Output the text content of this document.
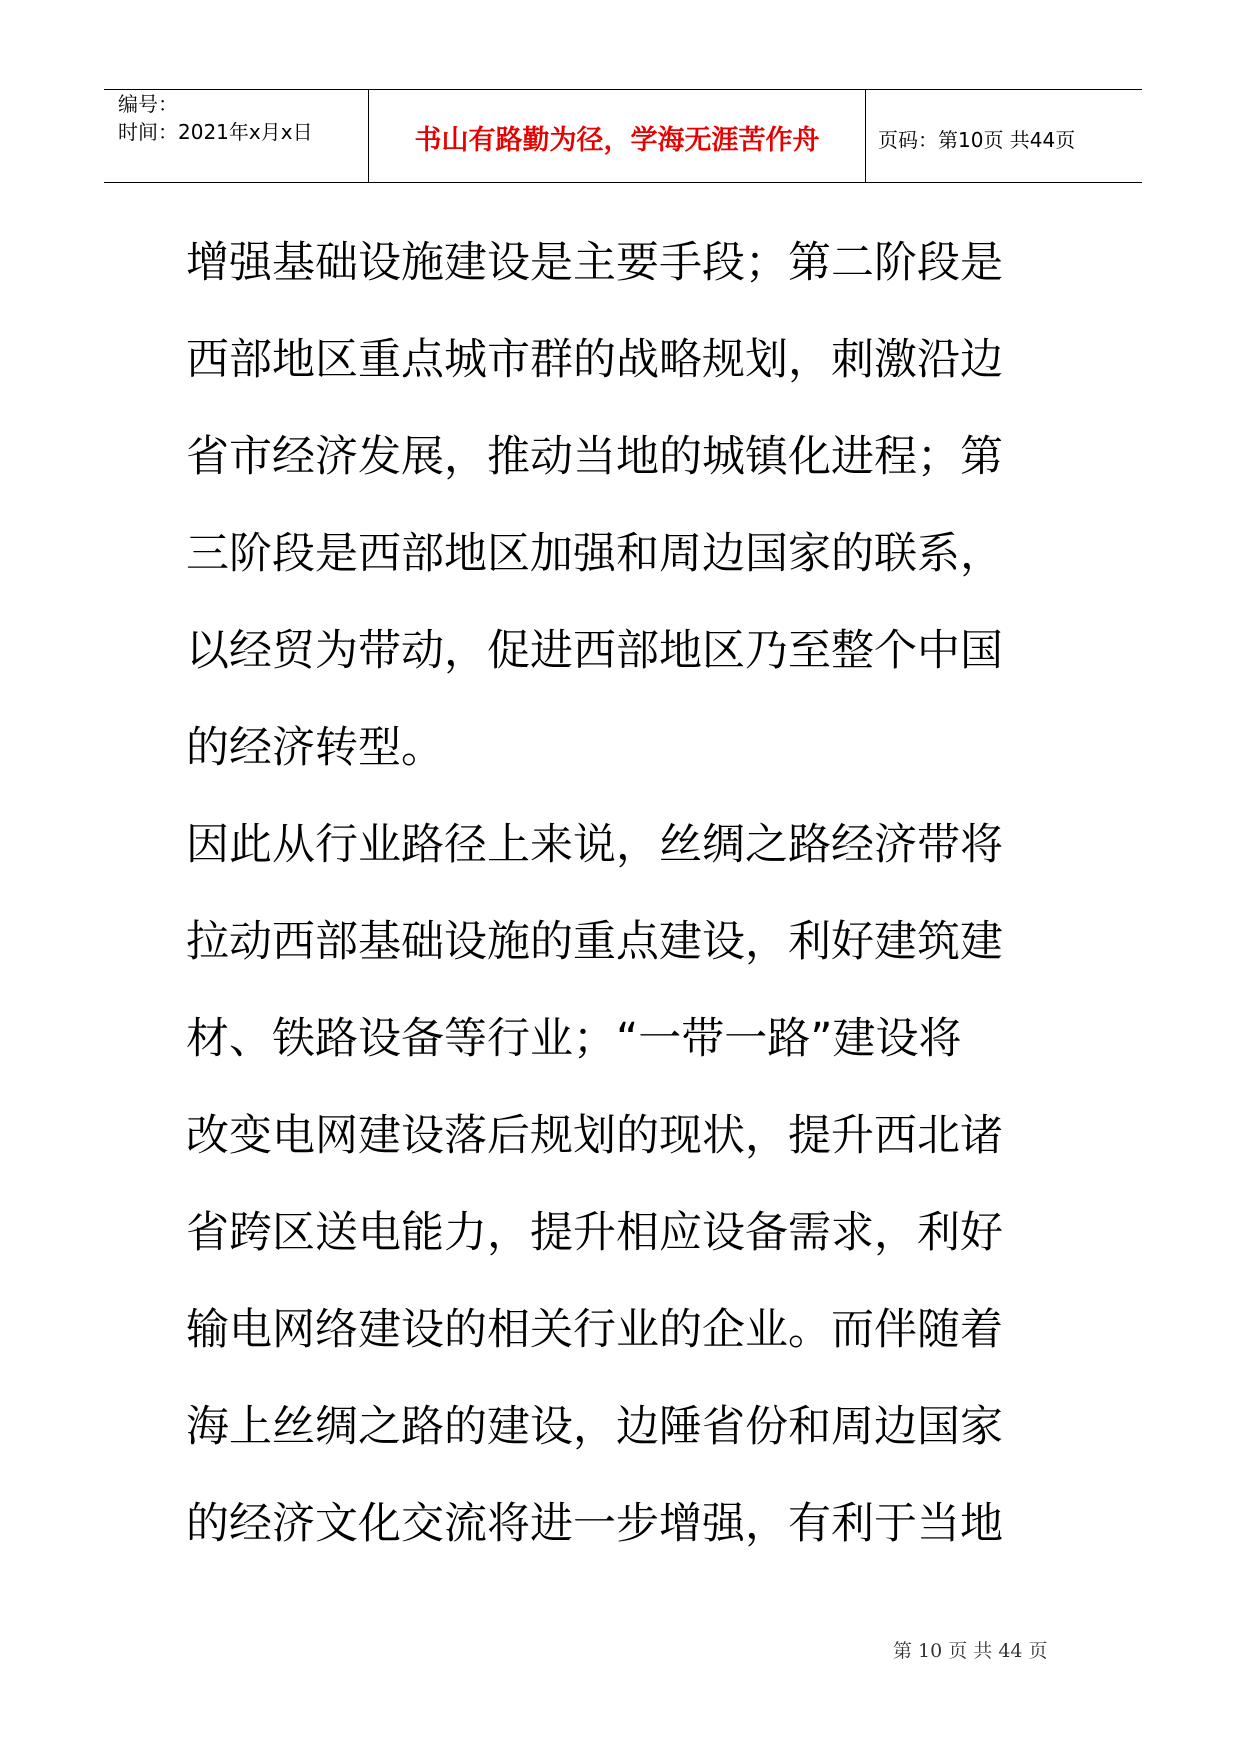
编号：
时间：2021年x月x日	书山有路勤为径，学海无涯苦作舟	页码：第10页 共44页
增强基础设施建设是主要手段；第二阶段是
西部地区重点城市群的战略规划，刺激沿边
省市经济发展，推动当地的城镇化进程；第
三阶段是西部地区加强和周边国家的联系，
以经贸为带动，促进西部地区乃至整个中国
的经济转型。
因此从行业路径上来说，丝绸之路经济带将
拉动西部基础设施的重点建设，利好建筑建
材、铁路设备等行业；“一带一路”建设将
改变电网建设落后规划的现状，提升西北诸
省跨区送电能力，提升相应设备需求，利好
输电网络建设的相关行业的企业。而伴随着
海上丝绸之路的建设，边陲省份和周边国家
的经济文化交流将进一步增强，有利于当地
第 10 页 共 44 页
